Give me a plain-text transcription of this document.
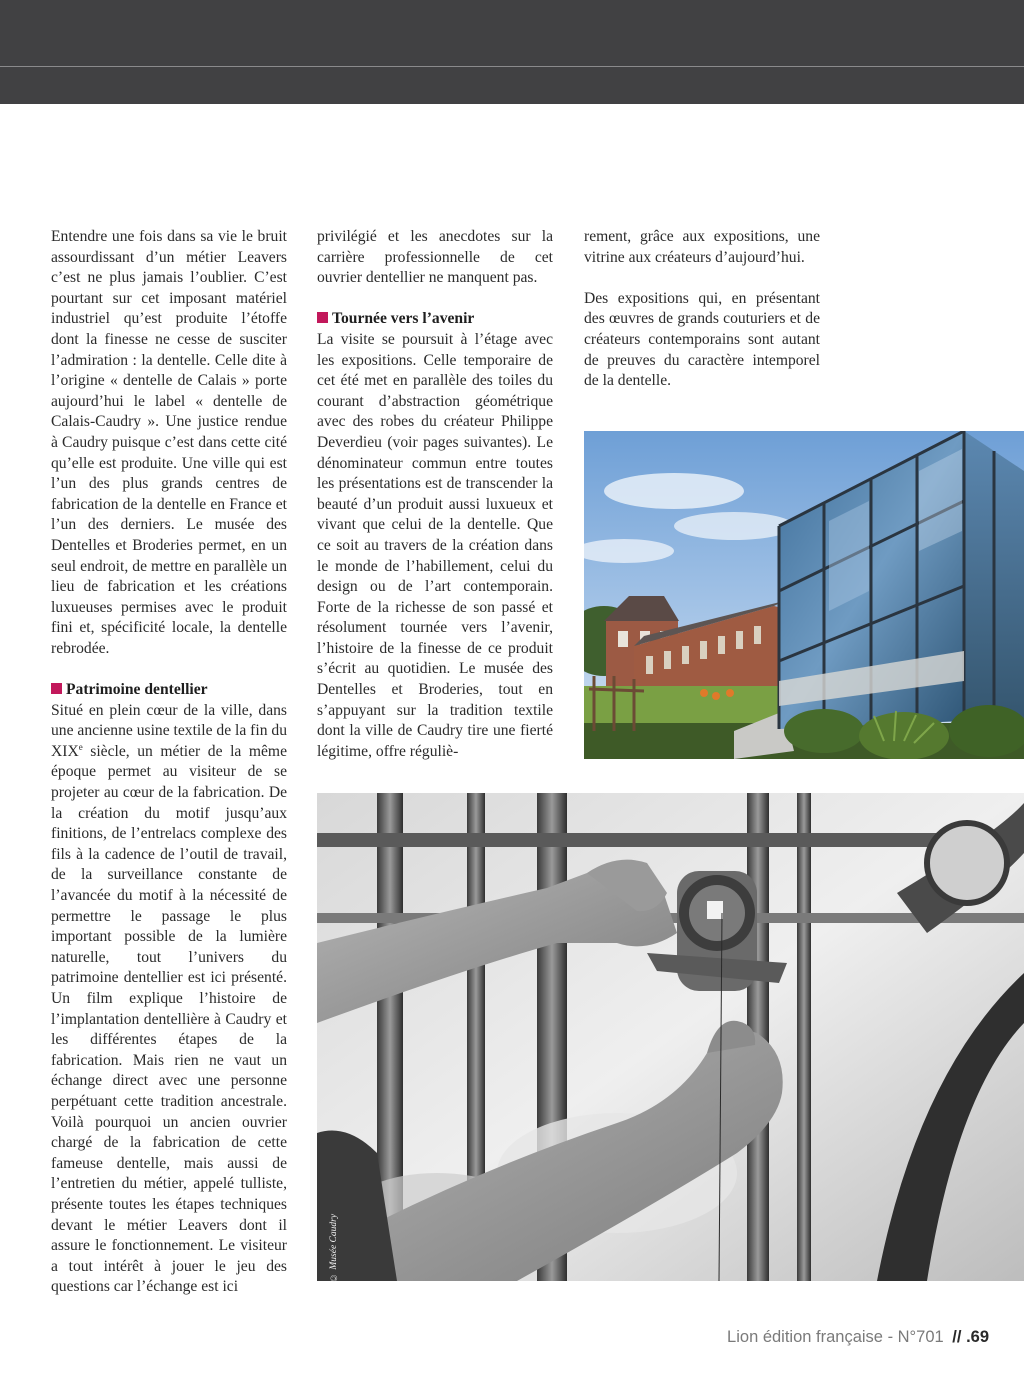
Entendre une fois dans sa vie le bruit assourdissant d’un métier Leavers c’est ne plus jamais l’oublier. C’est pourtant sur cet imposant matériel industriel qu’est produite l’étoffe dont la finesse ne cesse de susciter l’admiration : la dentelle. Celle dite à l’origine « dentelle de Calais » porte aujourd’hui le label « dentelle de Calais-Caudry ». Une justice rendue à Caudry puisque c’est dans cette cité qu’elle est produite. Une ville qui est l’un des plus grands centres de fabrication de la dentelle en France et l’un des derniers. Le musée des Dentelles et Broderies permet, en un seul endroit, de mettre en parallèle un lieu de fabrication et les créations luxueuses permises avec le produit fini et, spécificité locale, la dentelle rebrodée.

Patrimoine dentellier

Situé en plein cœur de la ville, dans une ancienne usine textile de la fin du XIXe siècle, un métier de la même époque permet au visiteur de se projeter au cœur de la fabrication. De la création du motif jusqu’aux finitions, de l’entrelacs complexe des fils à la cadence de l’outil de travail, de la surveillance constante de l’avancée du motif à la nécessité de permettre le passage le plus important possible de la lumière naturelle, tout l’univers du patrimoine dentellier est ici présenté. Un film explique l’histoire de l’implantation dentellière à Caudry et les différentes étapes de la fabrication. Mais rien ne vaut un échange direct avec une personne perpétuant cette tradition ancestrale. Voilà pourquoi un ancien ouvrier chargé de la fabrication de cette fameuse dentelle, mais aussi de l’entretien du métier, appelé tulliste, présente toutes les étapes techniques devant le métier Leavers dont il assure le fonctionnement. Le visiteur a tout intérêt à jouer le jeu des questions car l’échange est ici

privilégié et les anecdotes sur la carrière professionnelle de cet ouvrier dentellier ne manquent pas.

Tournée vers l’avenir

La visite se poursuit à l’étage avec les expositions. Celle temporaire de cet été met en parallèle des toiles du courant d’abstraction géométrique avec des robes du créateur Philippe Deverdieu (voir pages suivantes). Le dénominateur commun entre toutes les présentations est de transcender la beauté d’un produit aussi luxueux et vivant que celui de la dentelle. Que ce soit au travers de la création dans le monde de l’habillement, celui du design ou de l’art contemporain. Forte de la richesse de son passé et résolument tournée vers l’avenir, l’histoire de la finesse de ce produit s’écrit au quotidien. Le musée des Dentelles et Broderies, tout en s’appuyant sur la tradition textile dont la ville de Caudry tire une fierté légitime, offre réguliè-

rement, grâce aux expositions, une vitrine aux créateurs d’aujourd’hui.

Des expositions qui, en présentant des œuvres de grands couturiers et de créateurs contemporains sont autant de preuves du caractère intemporel de la dentelle.

© Musée Caudry
Lion édition française - N°701 // .69
